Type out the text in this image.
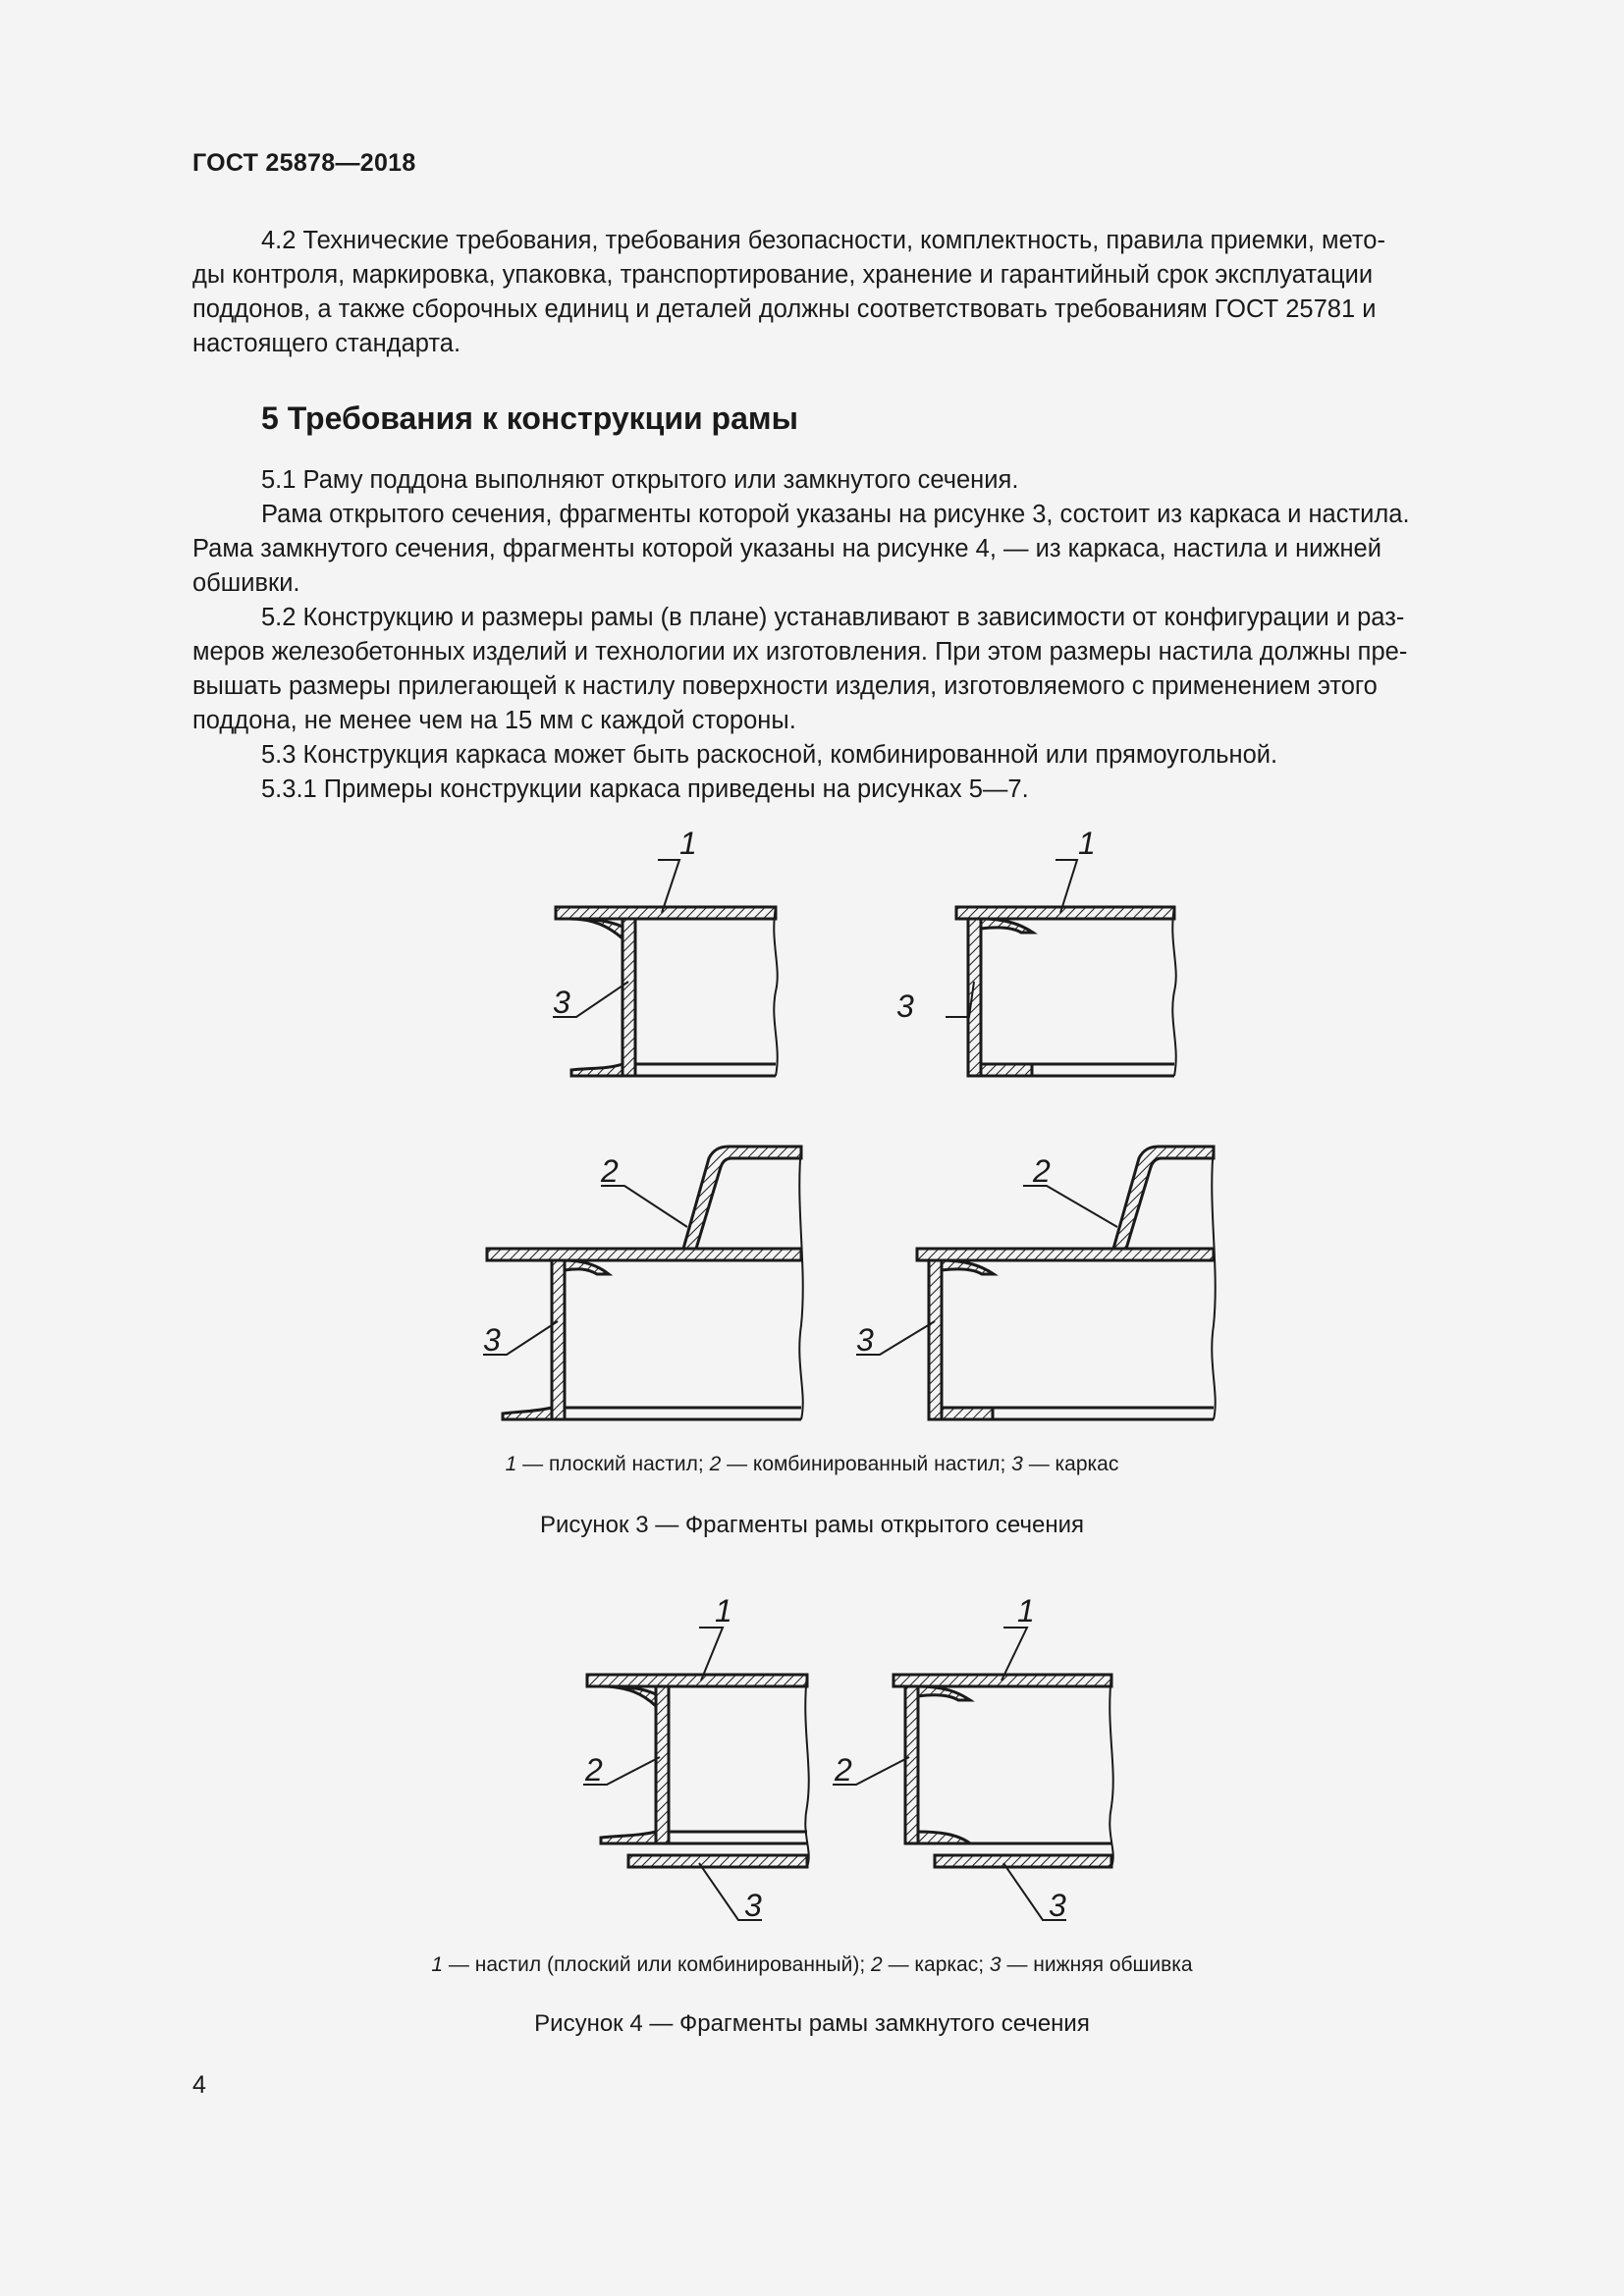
ГОСТ 25878—2018

4.2 Технические требования, требования безопасности, комплектность, правила приемки, мето-

ды контроля, маркировка, упаковка, транспортирование, хранение и гарантийный срок эксплуатации

поддонов, а также сборочных единиц и деталей должны соответствовать требованиям ГОСТ 25781 и

настоящего стандарта.

5 Требования к конструкции рамы

5.1 Раму поддона выполняют открытого или замкнутого сечения.

Рама открытого сечения, фрагменты которой указаны на рисунке 3, состоит из каркаса и настила.

Рама замкнутого сечения, фрагменты которой указаны на рисунке 4, — из каркаса, настила и нижней

обшивки.

5.2 Конструкцию и размеры рамы (в плане) устанавливают в зависимости от конфигурации и раз-

меров железобетонных изделий и технологии их изготовления. При этом размеры настила должны пре-

вышать размеры прилегающей к настилу поверхности изделия, изготовляемого с применением этого

поддона, не менее чем на 15 мм с каждой стороны.

5.3 Конструкция каркаса может быть раскосной, комбинированной или прямоугольной.

5.3.1 Примеры конструкции каркаса приведены на рисунках 5—7.

1	1
3	3
2	2
3	3
1 — плоский настил; 2 — комбинированный настил; 3 — каркас
Рисунок 3 — Фрагменты рамы открытого сечения
1	1
2	2
3	3
1 — настил (плоский или комбинированный); 2 — каркас; 3 — нижняя обшивка
Рисунок 4 — Фрагменты рамы замкнутого сечения
4
